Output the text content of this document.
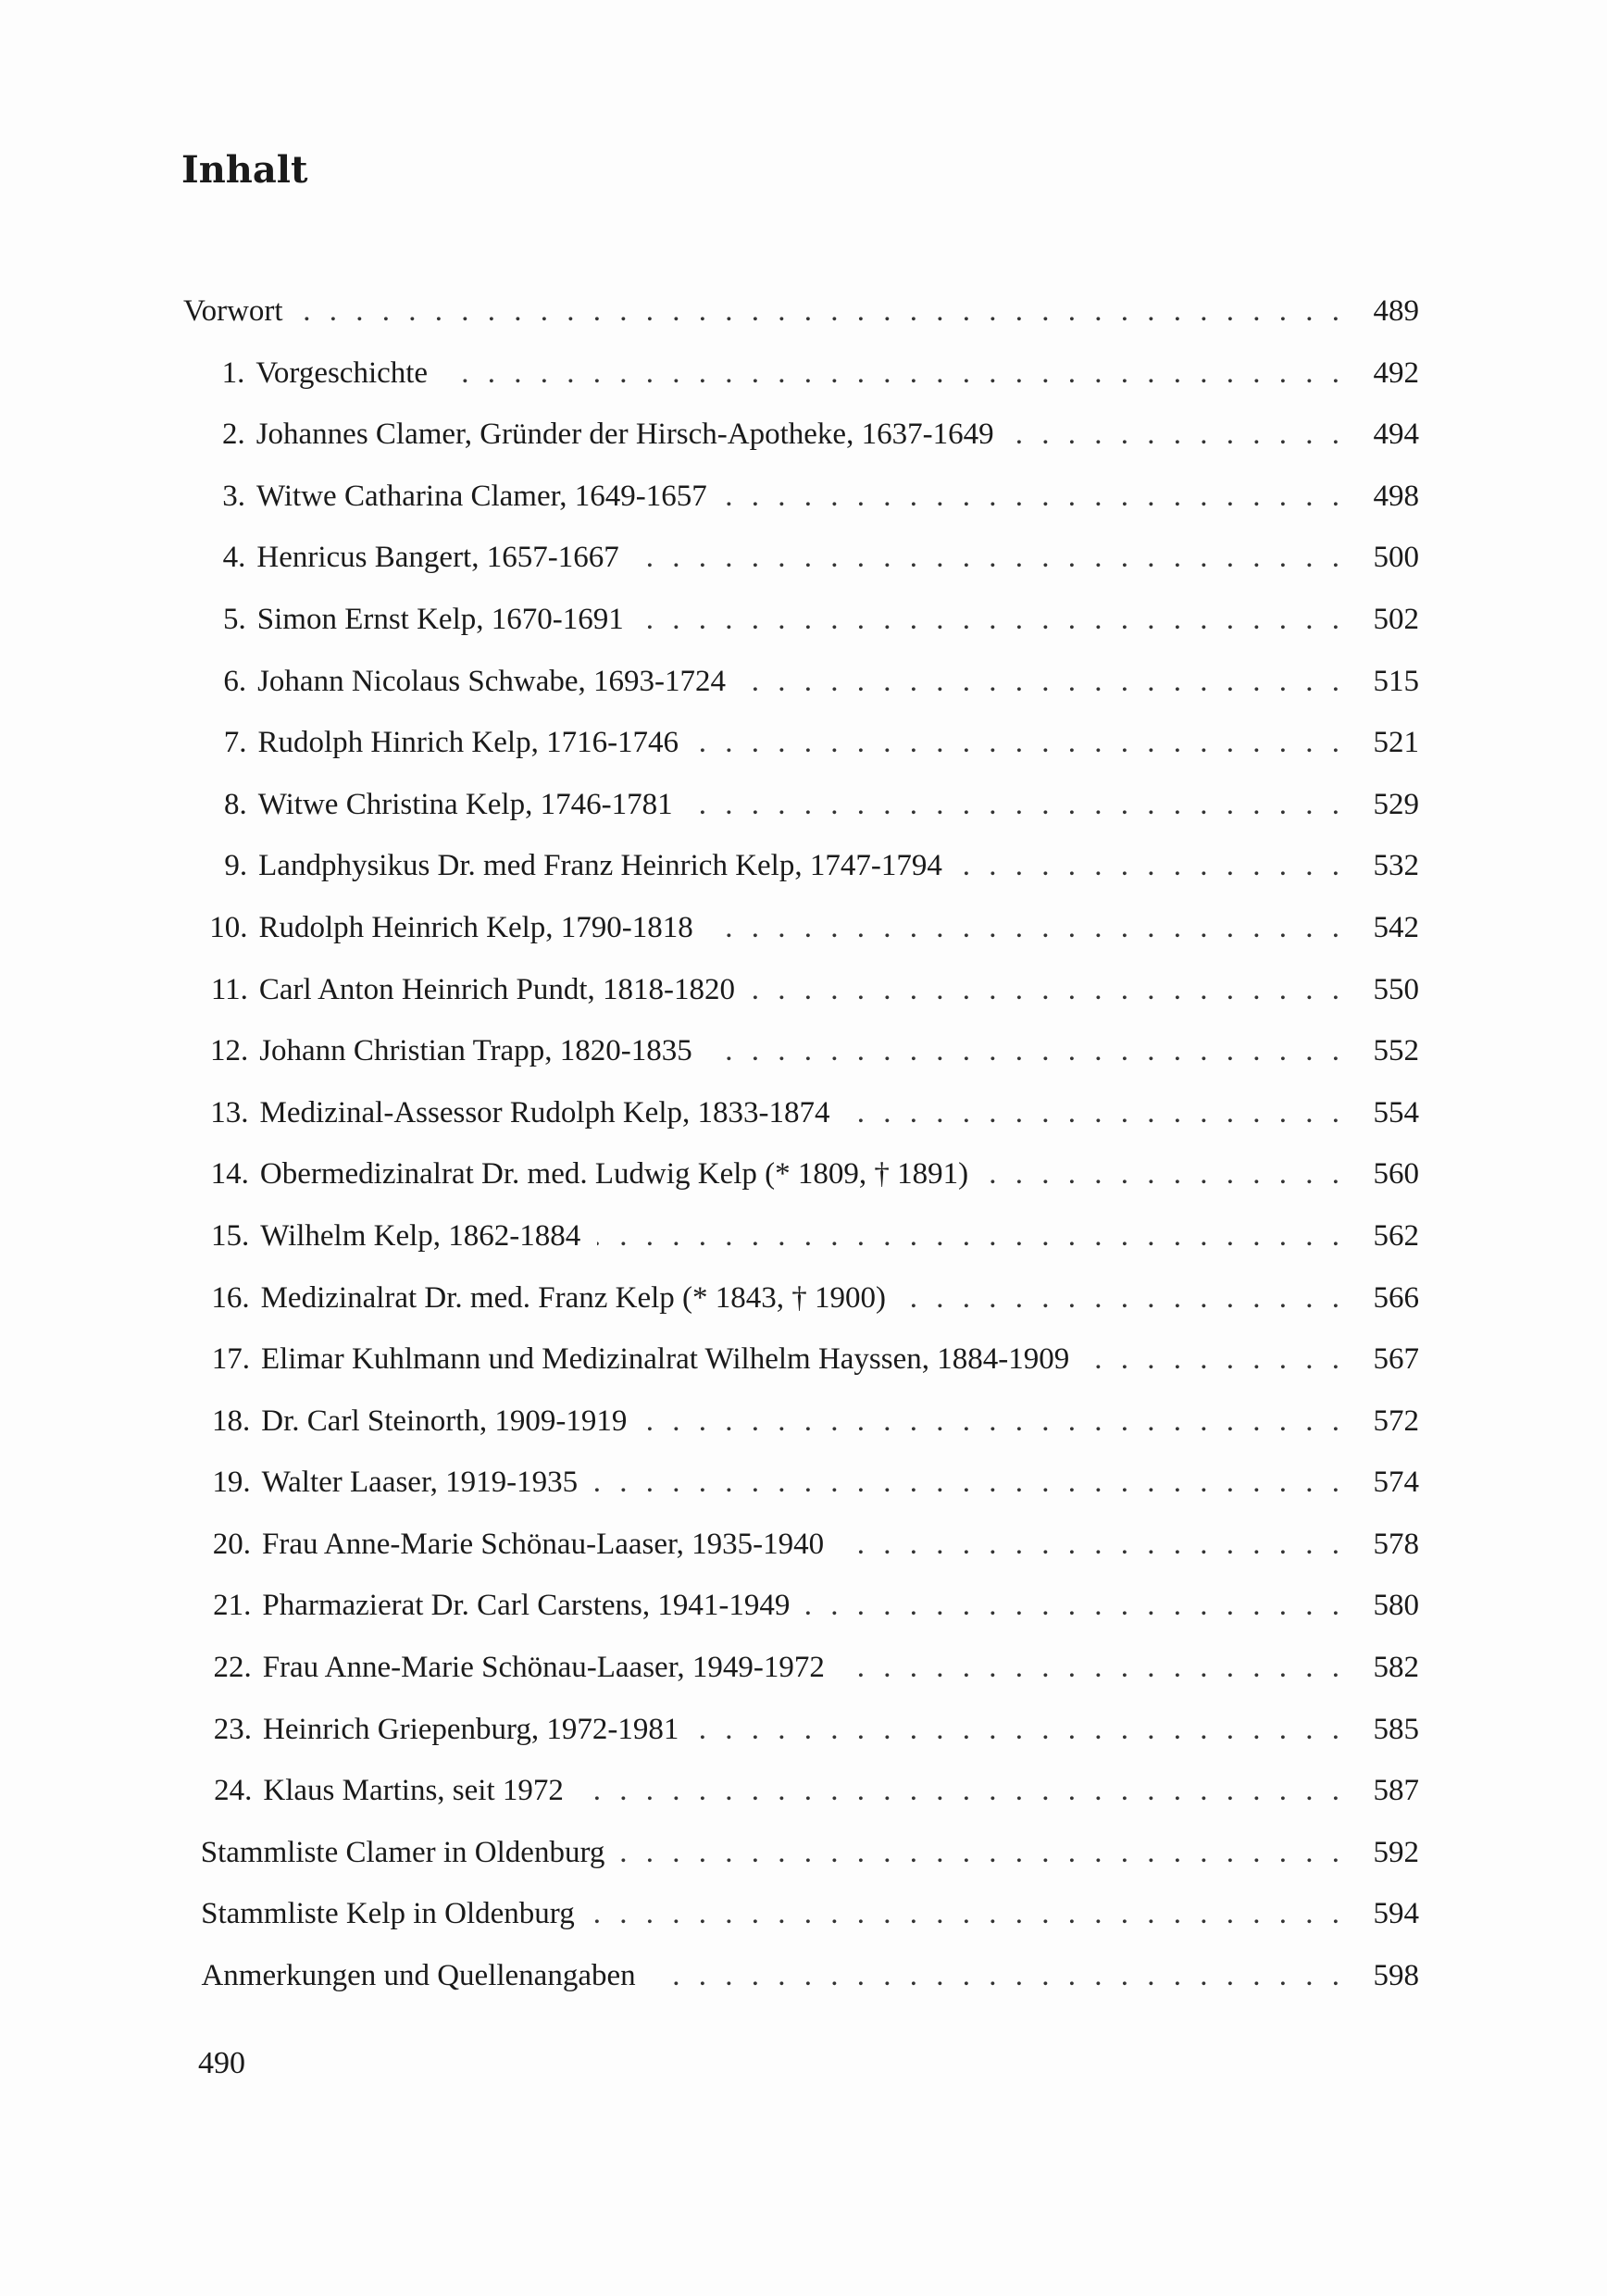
Inhalt
Vorwort . . .	489
1. Vorgeschichte . . .	492
2. Johannes Clamer, Gründer der Hirsch-Apotheke, 1637-1649 . . .	494
3. Witwe Catharina Clamer, 1649-1657 . . .	498
4. Henricus Bangert, 1657-1667 . . .	500
5. Simon Ernst Kelp, 1670-1691 . . .	502
6. Johann Nicolaus Schwabe, 1693-1724 . . .	515
7. Rudolph Hinrich Kelp, 1716-1746 . . .	521
8. Witwe Christina Kelp, 1746-1781 . . .	529
9. Landphysikus Dr. med Franz Heinrich Kelp, 1747-1794 . . .	532
10. Rudolph Heinrich Kelp, 1790-1818 . . .	542
11. Carl Anton Heinrich Pundt, 1818-1820 . . .	550
12. Johann Christian Trapp, 1820-1835 . . .	552
13. Medizinal-Assessor Rudolph Kelp, 1833-1874 . . .	554
14. Obermedizinalrat Dr. med. Ludwig Kelp (* 1809, † 1891) . . .	560
15. Wilhelm Kelp, 1862-1884 . . .	562
16. Medizinalrat Dr. med. Franz Kelp (* 1843, † 1900) . . .	566
17. Elimar Kuhlmann und Medizinalrat Wilhelm Hayssen, 1884-1909 . . .	567
18. Dr. Carl Steinorth, 1909-1919 . . .	572
19. Walter Laaser, 1919-1935 . . .	574
20. Frau Anne-Marie Schönau-Laaser, 1935-1940 . . .	578
21. Pharmazierat Dr. Carl Carstens, 1941-1949 . . .	580
22. Frau Anne-Marie Schönau-Laaser, 1949-1972 . . .	582
23. Heinrich Griepenburg, 1972-1981 . . .	585
24. Klaus Martins, seit 1972 . . .	587
Stammliste Clamer in Oldenburg . . .	592
Stammliste Kelp in Oldenburg . . .	594
Anmerkungen und Quellenangaben . . .	598
490
